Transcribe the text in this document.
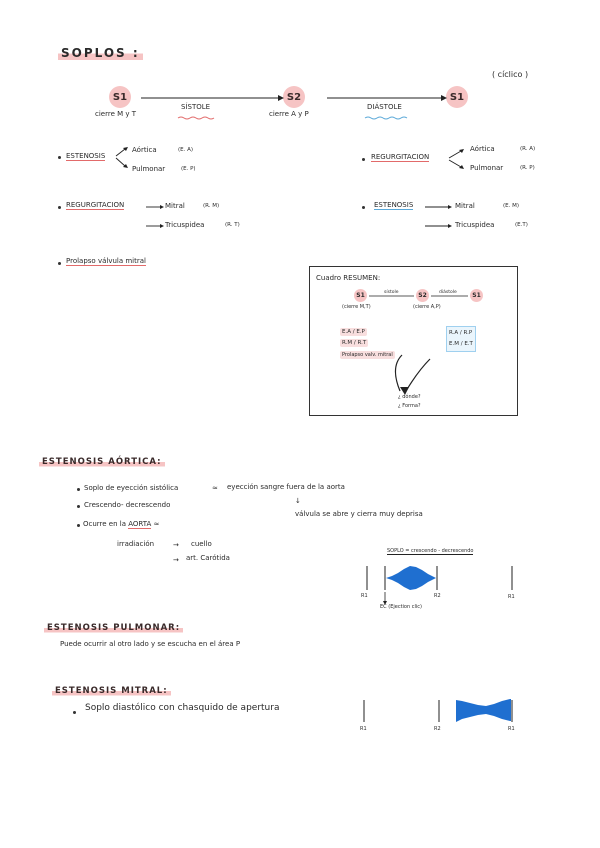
SOPLOS :
( cíclico )
S1	S2	S1
cierre M y T	cierre A y P
SÍSTOLE	DIÁSTOLE
ESTENOSIS
Aórtica	(E. A)
Pulmonar	(E. P)
REGURGITACION	Mitral	(R. M)
Tricuspidea	(R. T)
Prolapso válvula mitral
REGURGITACION
Aórtica	(R. A)
Pulmonar	(R. P)
ESTENOSIS	Mitral	(E. M)
Tricuspidea	(E.T)
Cuadro RESUMEN:
S1	S2	S1
sístole	diástole
(cierre M,T)	(cierre A,P)
E.A / E.P
R.M / R.T
Prolapso valv. mitral
R.A / R.P
E.M / E.T
¿ dónde?
¿ Forma?
ESTENOSIS AÓRTICA:
Soplo de eyección sistólica	≈ eyección sangre fuera de la aorta
Crescendo- decrescendo	↓
válvula se abre y cierra muy deprisa
Ocurre en la AORTA ≈
irradiación	→ cuello
→ art. Carótida
SOPLO = crescendo - decrescendo
R1	R2	R1
EC (Ejection clic)
ESTENOSIS PULMONAR:
Puede ocurrir al otro lado y se escucha en el área P
ESTENOSIS MITRAL:
Soplo diastólico con chasquido de apertura
R1	R2	R1
